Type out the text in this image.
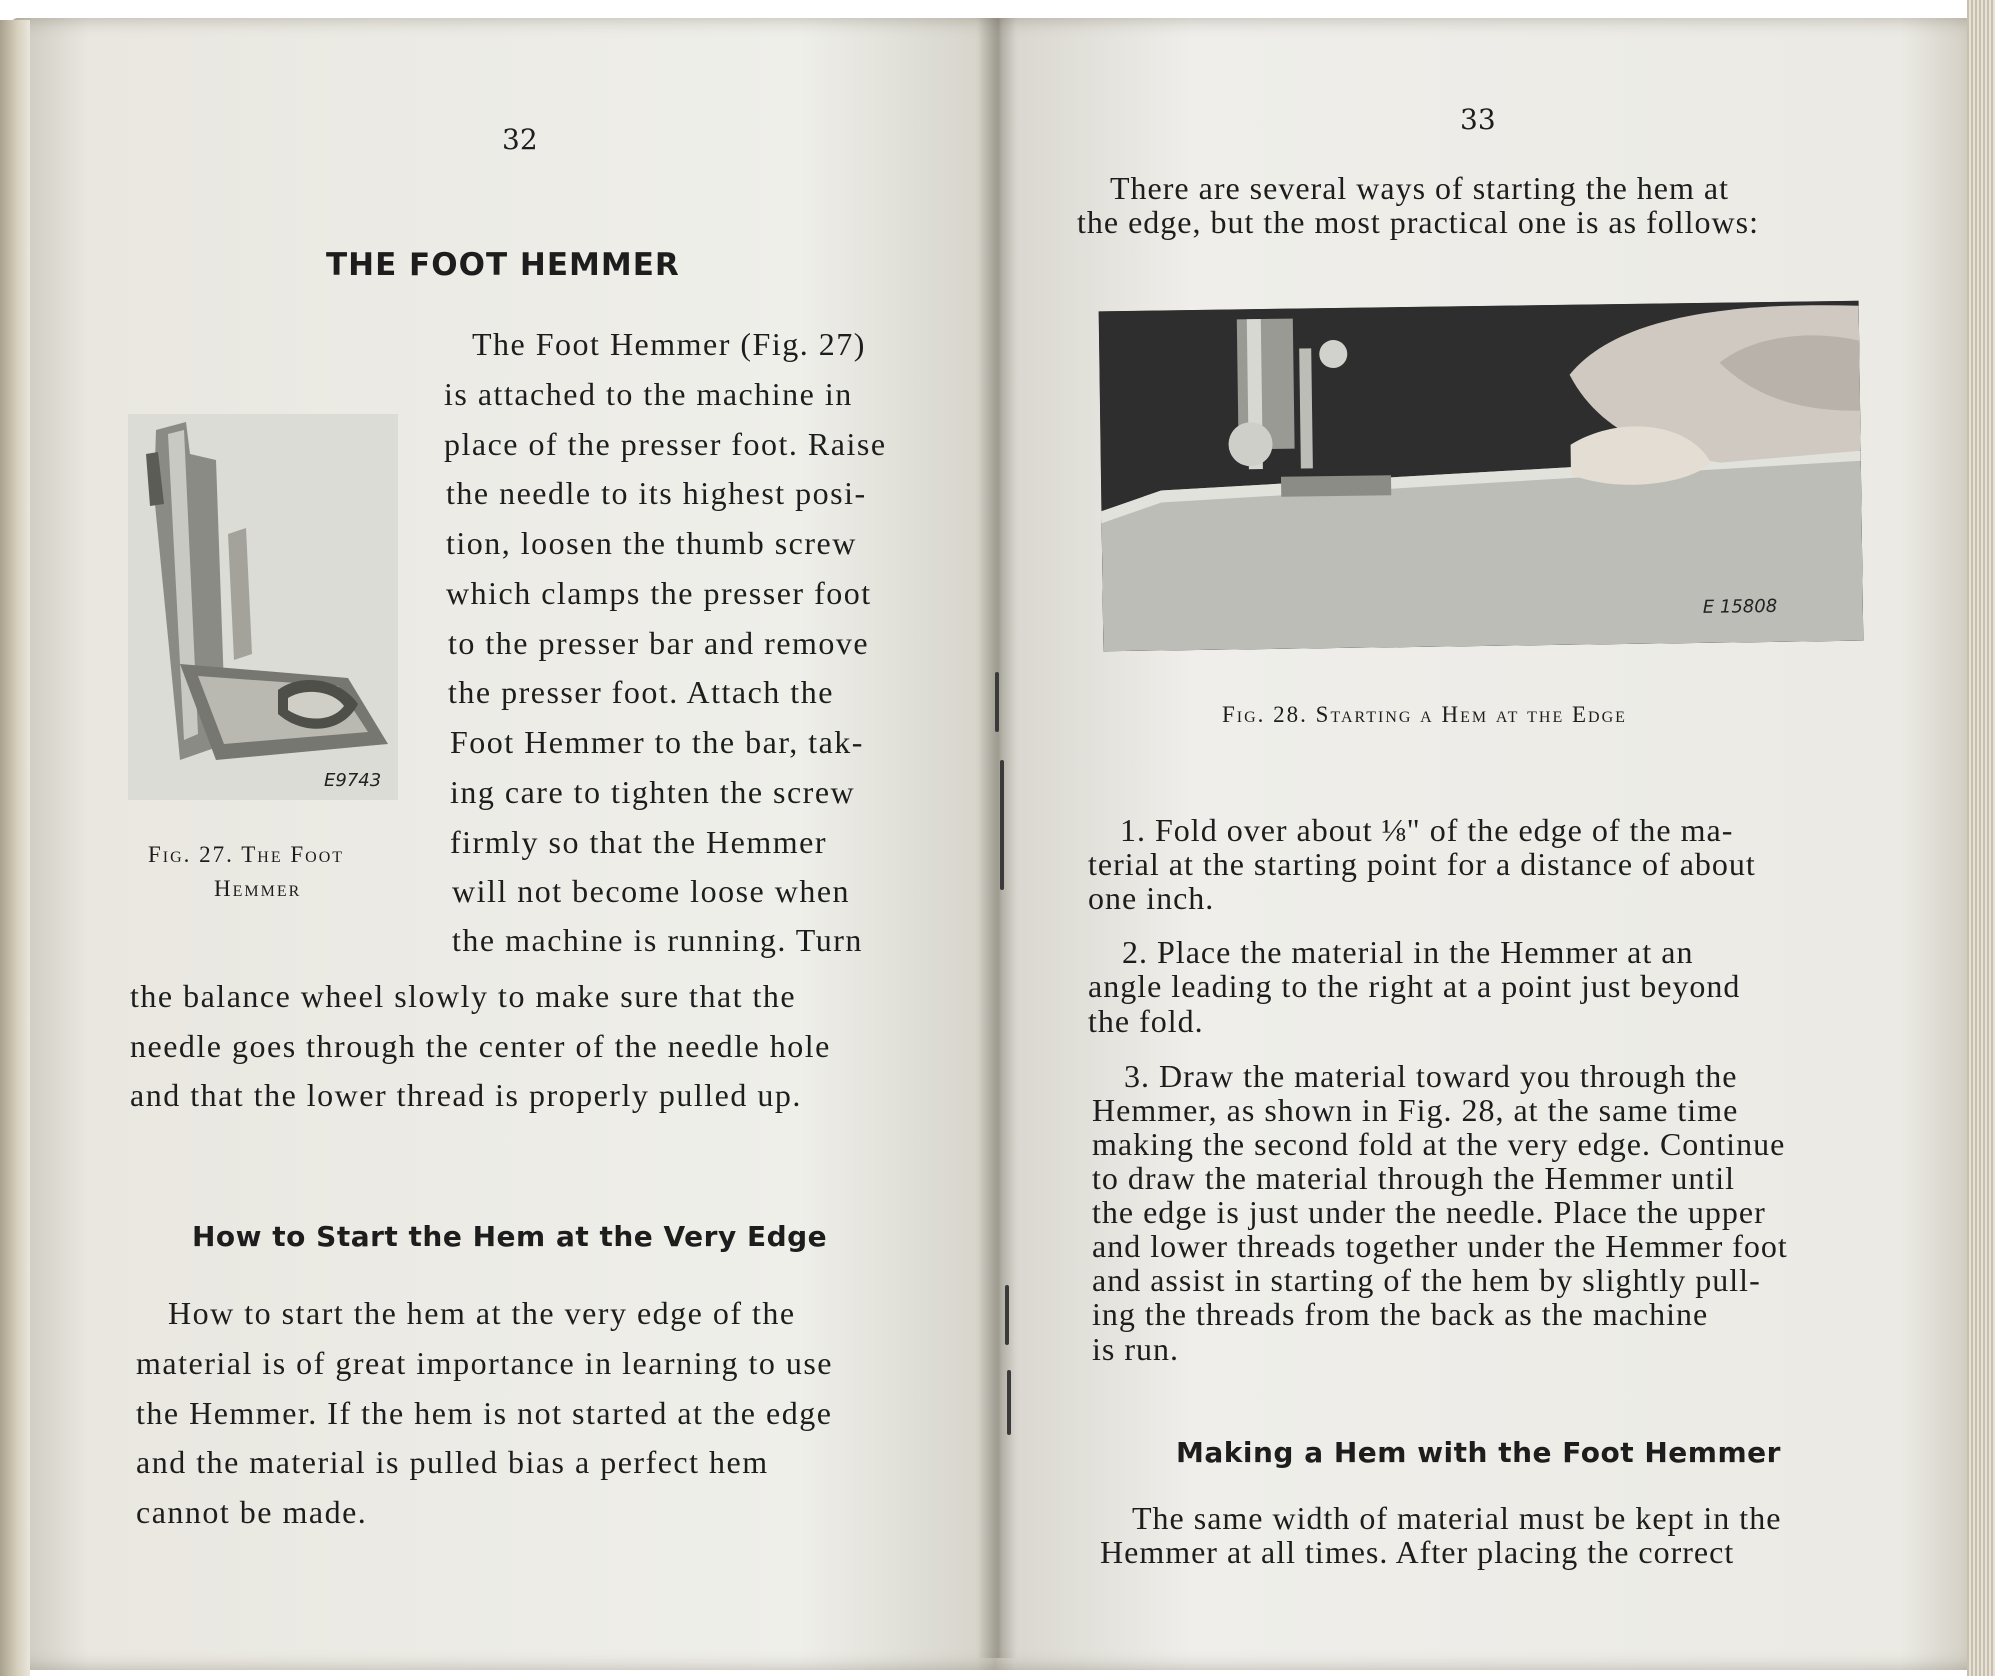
32

THE FOOT HEMMER

E9743

Fig. 27. The Foot

Hemmer

The Foot Hemmer (Fig. 27)

is attached to the machine in

place of the presser foot. Raise

the needle to its highest posi-

tion, loosen the thumb screw

which clamps the presser foot

to the presser bar and remove

the presser foot. Attach the

Foot Hemmer to the bar, tak-

ing care to tighten the screw

firmly so that the Hemmer

will not become loose when

the machine is running. Turn

the balance wheel slowly to make sure that the

needle goes through the center of the needle hole

and that the lower thread is properly pulled up.

How to Start the Hem at the Very Edge

How to start the hem at the very edge of the

material is of great importance in learning to use

the Hemmer. If the hem is not started at the edge

and the material is pulled bias a perfect hem

cannot be made.

33

There are several ways of starting the hem at

the edge, but the most practical one is as follows:

E 15808

Fig. 28. Starting a Hem at the Edge

1. Fold over about ⅛" of the edge of the ma-

terial at the starting point for a distance of about

one inch.

2. Place the material in the Hemmer at an

angle leading to the right at a point just beyond

the fold.

3. Draw the material toward you through the

Hemmer, as shown in Fig. 28, at the same time

making the second fold at the very edge. Continue

to draw the material through the Hemmer until

the edge is just under the needle. Place the upper

and lower threads together under the Hemmer foot

and assist in starting of the hem by slightly pull-

ing the threads from the back as the machine

is run.

Making a Hem with the Foot Hemmer

The same width of material must be kept in the

Hemmer at all times. After placing the correct
